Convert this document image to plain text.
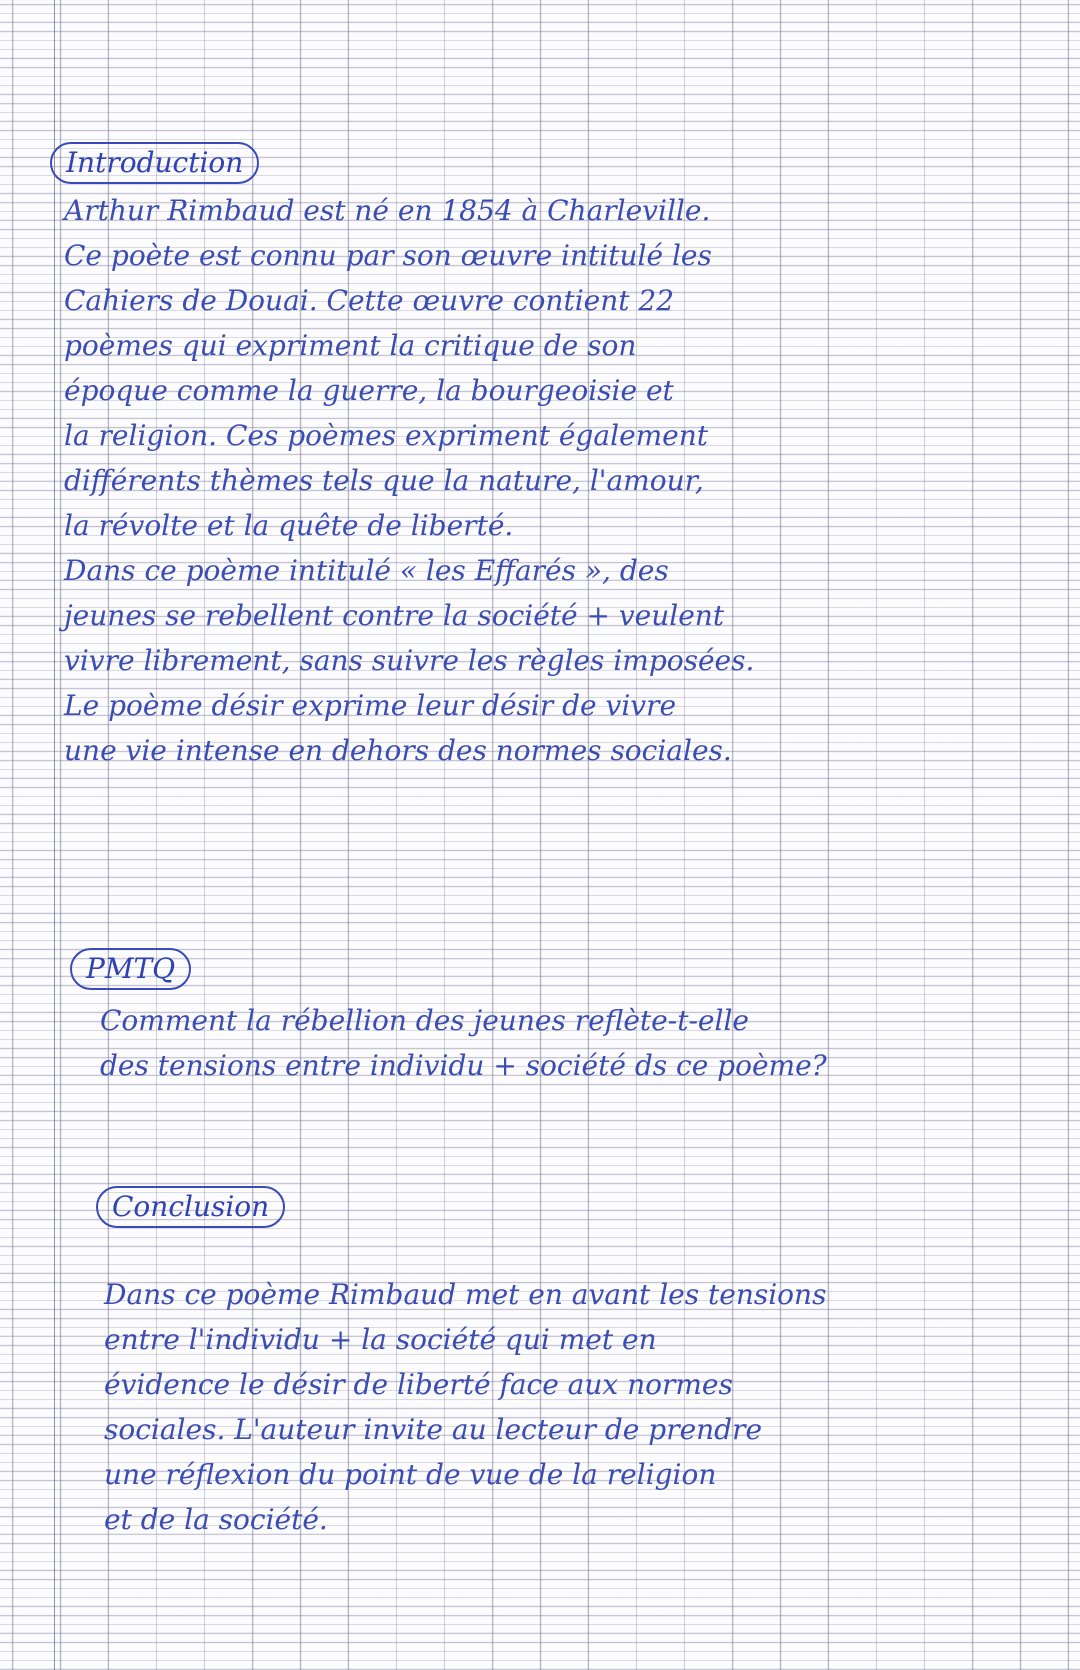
Introduction
Arthur Rimbaud est né en 1854 à Charleville.
Ce poète est connu par son œuvre intitulé les
Cahiers de Douai. Cette œuvre contient 22
poèmes qui expriment la critique de son
époque comme la guerre, la bourgeoisie et
la religion. Ces poèmes expriment également
différents thèmes tels que la nature, l'amour,
la révolte et la quête de liberté.
Dans ce poème intitulé « les Effarés », des
jeunes se rebellent contre la société + veulent
vivre librement, sans suivre les règles imposées.
Le poème désir exprime leur désir de vivre
une vie intense en dehors des normes sociales.
PMTQ
Comment la rébellion des jeunes reflète-t-elle
des tensions entre individu + société ds ce poème?
Conclusion
Dans ce poème Rimbaud met en avant les tensions
entre l'individu + la société qui met en
évidence le désir de liberté face aux normes
sociales. L'auteur invite au lecteur de prendre
une réflexion du point de vue de la religion
et de la société.
